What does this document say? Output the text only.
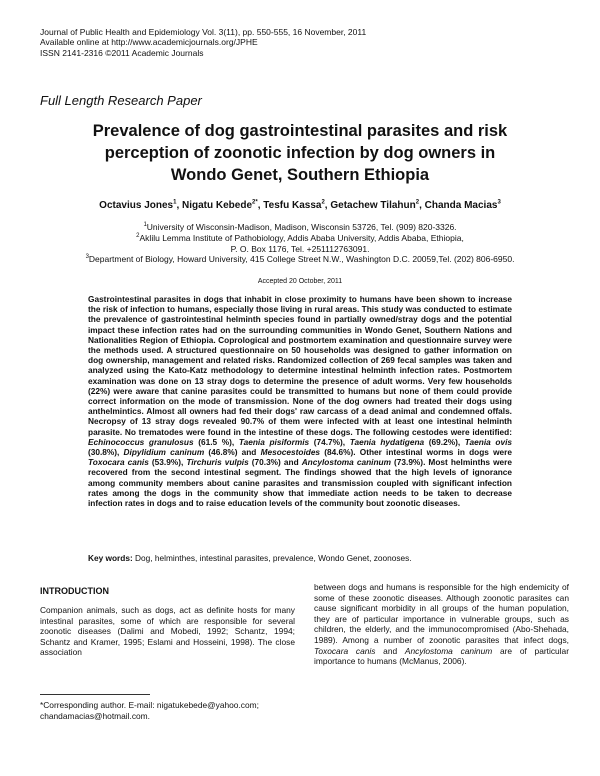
Journal of Public Health and Epidemiology Vol. 3(11), pp. 550-555, 16 November, 2011
Available online at http://www.academicjournals.org/JPHE
ISSN 2141-2316 ©2011 Academic Journals
Full Length Research Paper
Prevalence of dog gastrointestinal parasites and risk
perception of zoonotic infection by dog owners in
Wondo Genet, Southern Ethiopia
Octavius Jones$^1$, Nigatu Kebede$^{2*}$, Tesfu Kassa$^2$, Getachew Tilahun$^2$, Chanda Macias$^3$
$^1$University of Wisconsin-Madison, Madison, Wisconsin 53726, Tel. (909) 820-3326.
$^2$Aklilu Lemma Institute of Pathobiology, Addis Ababa University, Addis Ababa, Ethiopia,
P. O. Box 1176, Tel. +251112763091.
$^3$Department of Biology, Howard University, 415 College Street N.W., Washington D.C. 20059,Tel. (202) 806-6950.
Accepted 20 October, 2011
Gastrointestinal parasites in dogs that inhabit in close proximity to humans have been shown to increase the risk of infection to humans, especially those living in rural areas. This study was conducted to estimate the prevalence of gastrointestinal helminth species found in partially owned/stray dogs and the potential impact these infection rates had on the surrounding communities in Wondo Genet, Southern Nations and Nationalities Region of Ethiopia. Coprological and postmortem examination and questionnaire survey were the methods used. A structured questionnaire on 50 households was designed to gather information on dog ownership, management and related risks. Randomized collection of 269 fecal samples was taken and analyzed using the Kato-Katz methodology to determine intestinal helminth infection rates. Postmortem examination was done on 13 stray dogs to determine the presence of adult worms. Very few households (22%) were aware that canine parasites could be transmitted to humans but none of them could provide correct information on the mode of transmission. None of the dog owners had treated their dogs using anthelmintics. Almost all owners had fed their dogs' raw carcass of a dead animal and condemned offals. Necropsy of 13 stray dogs revealed 90.7% of them were infected with at least one intestinal helminth parasite. No trematodes were found in the intestine of these dogs. The following cestodes were identified: Echinococcus granulosus (61.5 %), Taenia pisiformis (74.7%), Taenia hydatigena (69.2%), Taenia ovis (30.8%), Dipylidium caninum (46.8%) and Mesocestoides (84.6%). Other intestinal worms in dogs were Toxocara canis (53.9%), Tirchuris vulpis (70.3%) and Ancylostoma caninum (73.9%). Most helminths were recovered from the second intestinal segment. The findings showed that the high levels of ignorance among community members about canine parasites and transmission coupled with significant infection rates among the dogs in the community show that immediate action needs to be taken to decrease infection rates in dogs and to raise education levels of the community bout zoonotic diseases.
Key words: Dog, helminthes, intestinal parasites, prevalence, Wondo Genet, zoonoses.
INTRODUCTION
Companion animals, such as dogs, act as definite hosts for many intestinal parasites, some of which are responsible for several zoonotic diseases (Dalimi and Mobedi, 1992; Schantz, 1994; Schantz and Kramer, 1995; Eslami and Hosseini, 1998). The close association
between dogs and humans is responsible for the high endemicity of some of these zoonotic diseases. Although zoonotic parasites can cause significant morbidity in all groups of the human population, they are of particular importance in vulnerable groups, such as children, the elderly, and the immunocompromised (Abo-Shehada, 1989). Among a number of zoonotic parasites that infect dogs, Toxocara canis and Ancylostoma caninum are of particular importance to humans (McManus, 2006).
*Corresponding author. E-mail: nigatukebede@yahoo.com; chandamacias@hotmail.com.
